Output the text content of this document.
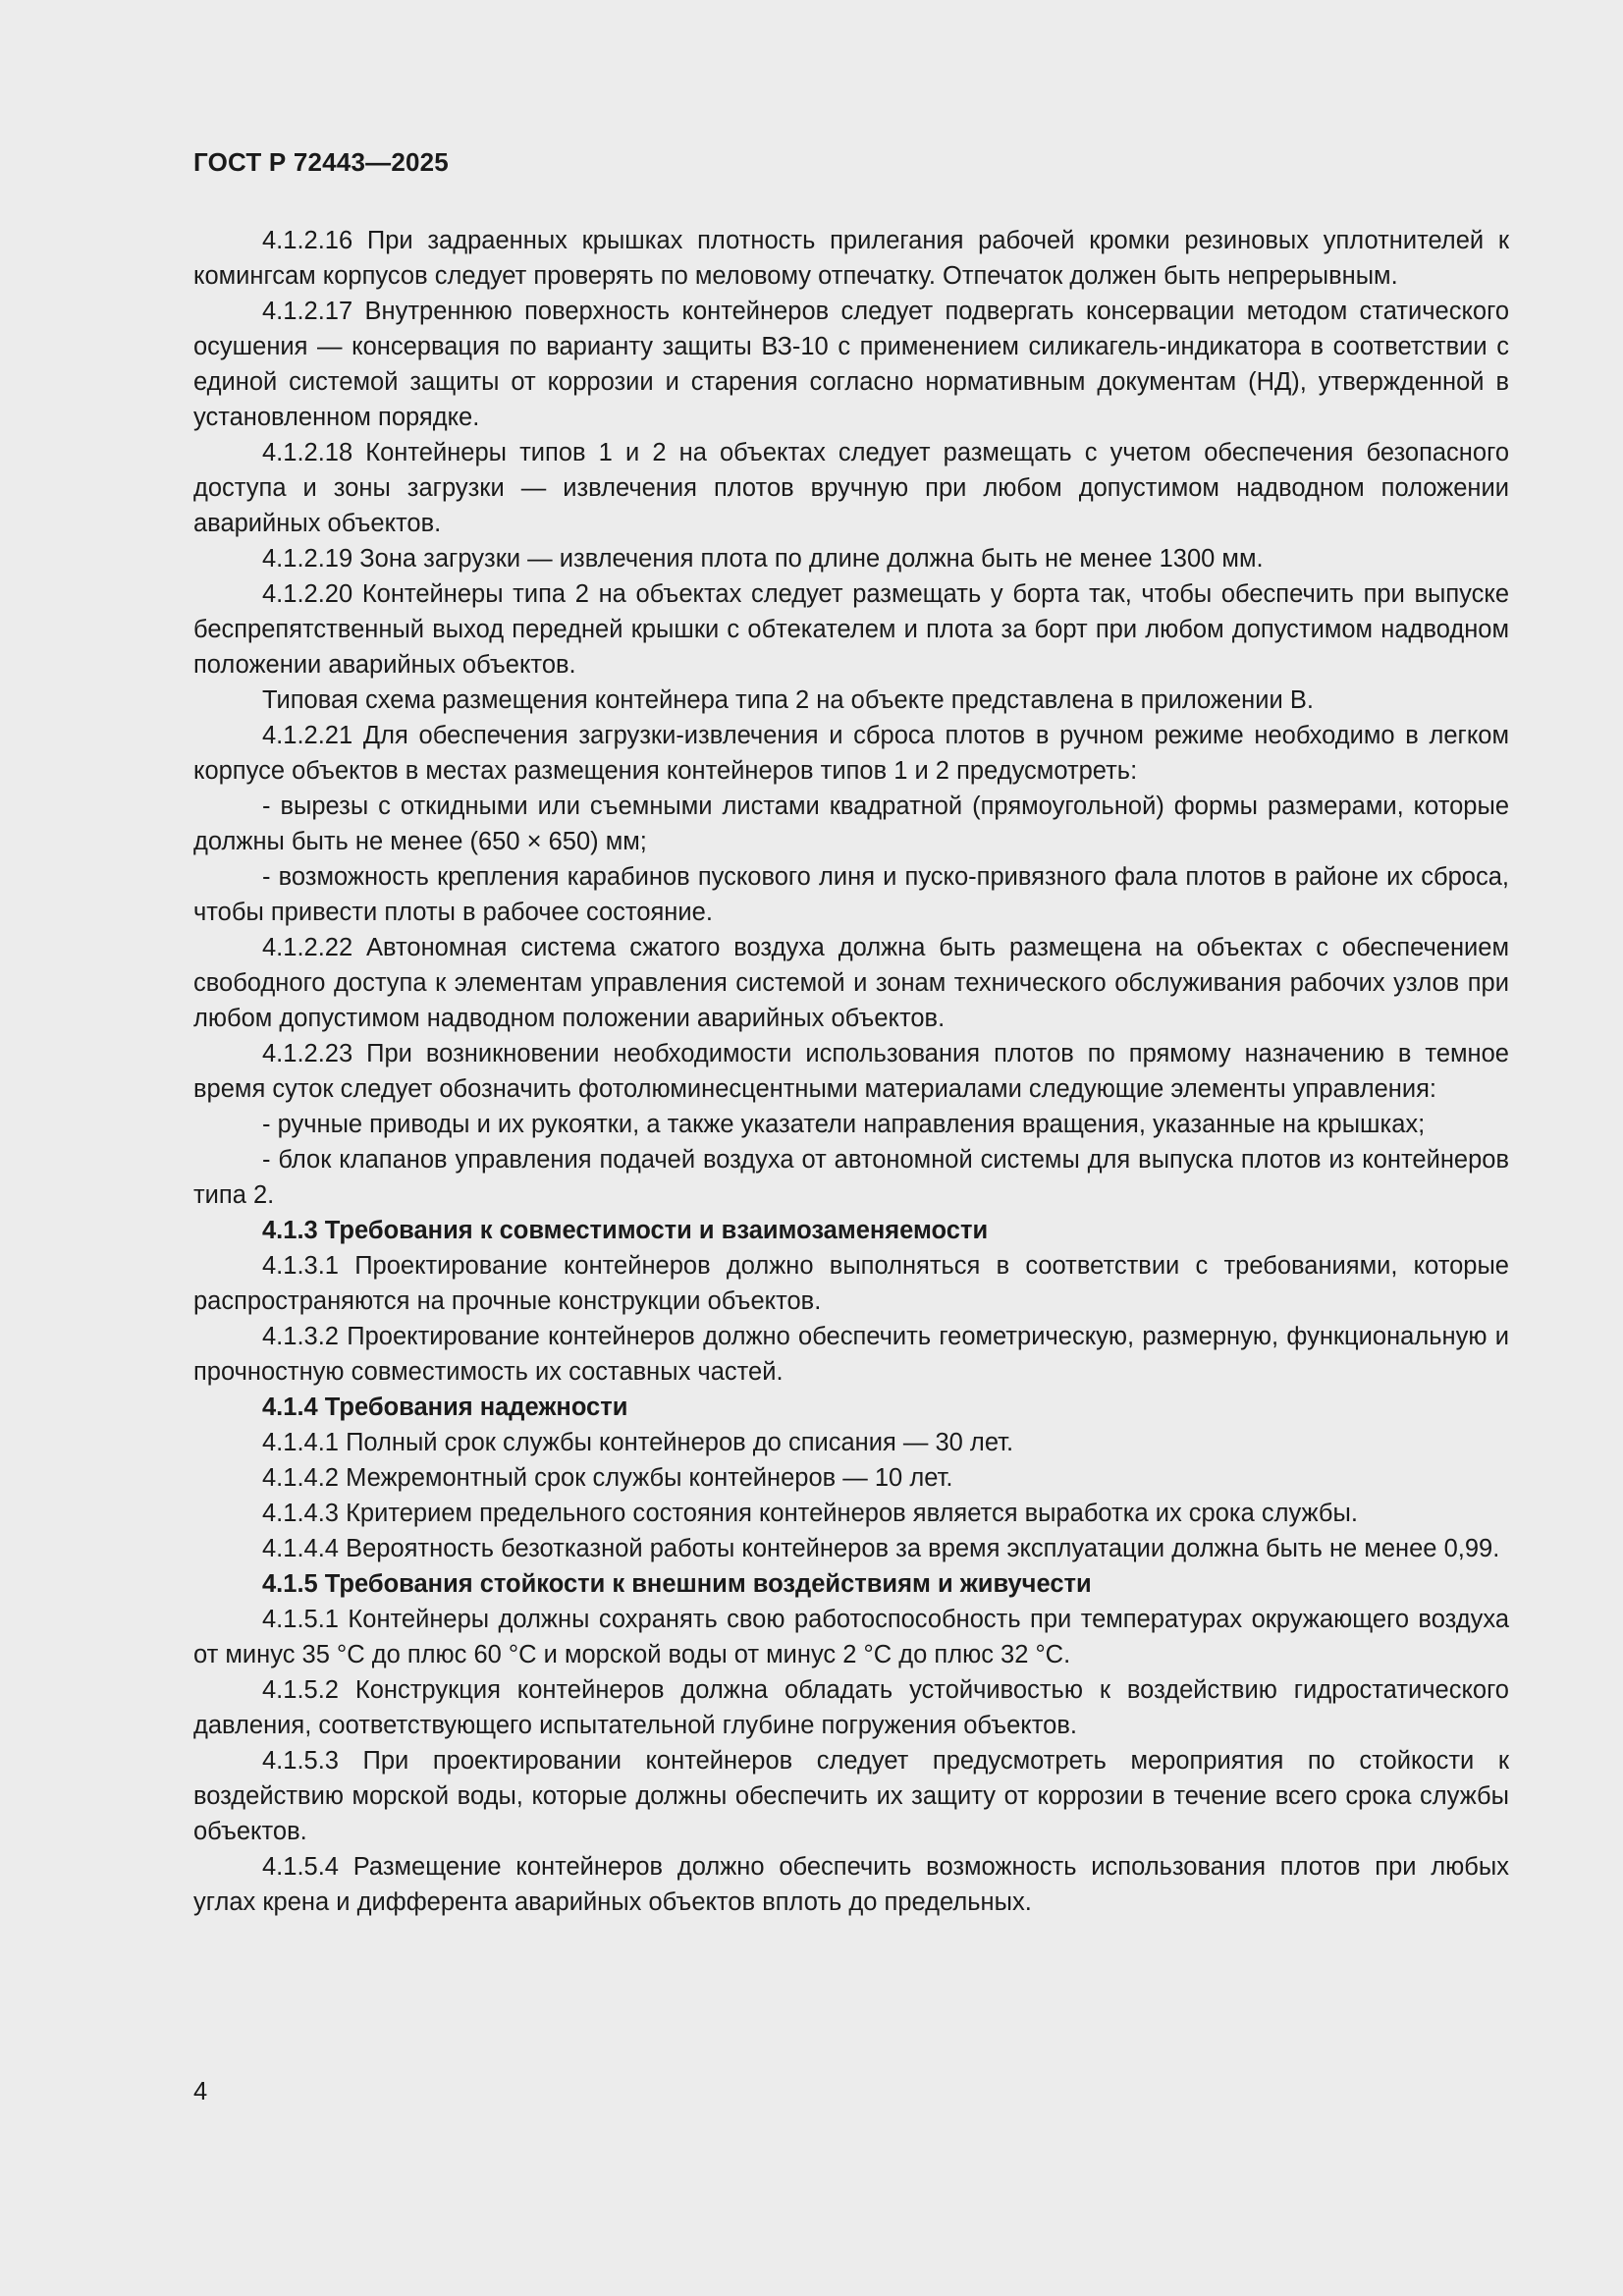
ГОСТ Р 72443—2025

4.1.2.16 При задраенных крышках плотность прилегания рабочей кромки резиновых уплотнителей к комингсам корпусов следует проверять по меловому отпечатку. Отпечаток должен быть непрерывным.

4.1.2.17 Внутреннюю поверхность контейнеров следует подвергать консервации методом статического осушения — консервация по варианту защиты ВЗ-10 с применением силикагель-индикатора в соответствии с единой системой защиты от коррозии и старения согласно нормативным документам (НД), утвержденной в установленном порядке.

4.1.2.18 Контейнеры типов 1 и 2 на объектах следует размещать с учетом обеспечения безопасного доступа и зоны загрузки — извлечения плотов вручную при любом допустимом надводном положении аварийных объектов.

4.1.2.19 Зона загрузки — извлечения плота по длине должна быть не менее 1300 мм.

4.1.2.20 Контейнеры типа 2 на объектах следует размещать у борта так, чтобы обеспечить при выпуске беспрепятственный выход передней крышки с обтекателем и плота за борт при любом допустимом надводном положении аварийных объектов.

Типовая схема размещения контейнера типа 2 на объекте представлена в приложении В.

4.1.2.21 Для обеспечения загрузки-извлечения и сброса плотов в ручном режиме необходимо в легком корпусе объектов в местах размещения контейнеров типов 1 и 2 предусмотреть:

- вырезы с откидными или съемными листами квадратной (прямоугольной) формы размерами, которые должны быть не менее (650 × 650) мм;

- возможность крепления карабинов пускового линя и пуско-привязного фала плотов в районе их сброса, чтобы привести плоты в рабочее состояние.

4.1.2.22 Автономная система сжатого воздуха должна быть размещена на объектах с обеспечением свободного доступа к элементам управления системой и зонам технического обслуживания рабочих узлов при любом допустимом надводном положении аварийных объектов.

4.1.2.23 При возникновении необходимости использования плотов по прямому назначению в темное время суток следует обозначить фотолюминесцентными материалами следующие элементы управления:

- ручные приводы и их рукоятки, а также указатели направления вращения, указанные на крышках;

- блок клапанов управления подачей воздуха от автономной системы для выпуска плотов из контейнеров типа 2.

4.1.3 Требования к совместимости и взаимозаменяемости

4.1.3.1 Проектирование контейнеров должно выполняться в соответствии с требованиями, которые распространяются на прочные конструкции объектов.

4.1.3.2 Проектирование контейнеров должно обеспечить геометрическую, размерную, функциональную и прочностную совместимость их составных частей.

4.1.4 Требования надежности

4.1.4.1 Полный срок службы контейнеров до списания — 30 лет.

4.1.4.2 Межремонтный срок службы контейнеров — 10 лет.

4.1.4.3 Критерием предельного состояния контейнеров является выработка их срока службы.

4.1.4.4 Вероятность безотказной работы контейнеров за время эксплуатации должна быть не менее 0,99.

4.1.5 Требования стойкости к внешним воздействиям и живучести

4.1.5.1 Контейнеры должны сохранять свою работоспособность при температурах окружающего воздуха от минус 35 °C до плюс 60 °C и морской воды от минус 2 °C до плюс 32 °C.

4.1.5.2 Конструкция контейнеров должна обладать устойчивостью к воздействию гидростатического давления, соответствующего испытательной глубине погружения объектов.

4.1.5.3 При проектировании контейнеров следует предусмотреть мероприятия по стойкости к воздействию морской воды, которые должны обеспечить их защиту от коррозии в течение всего срока службы объектов.

4.1.5.4 Размещение контейнеров должно обеспечить возможность использования плотов при любых углах крена и дифферента аварийных объектов вплоть до предельных.

4
